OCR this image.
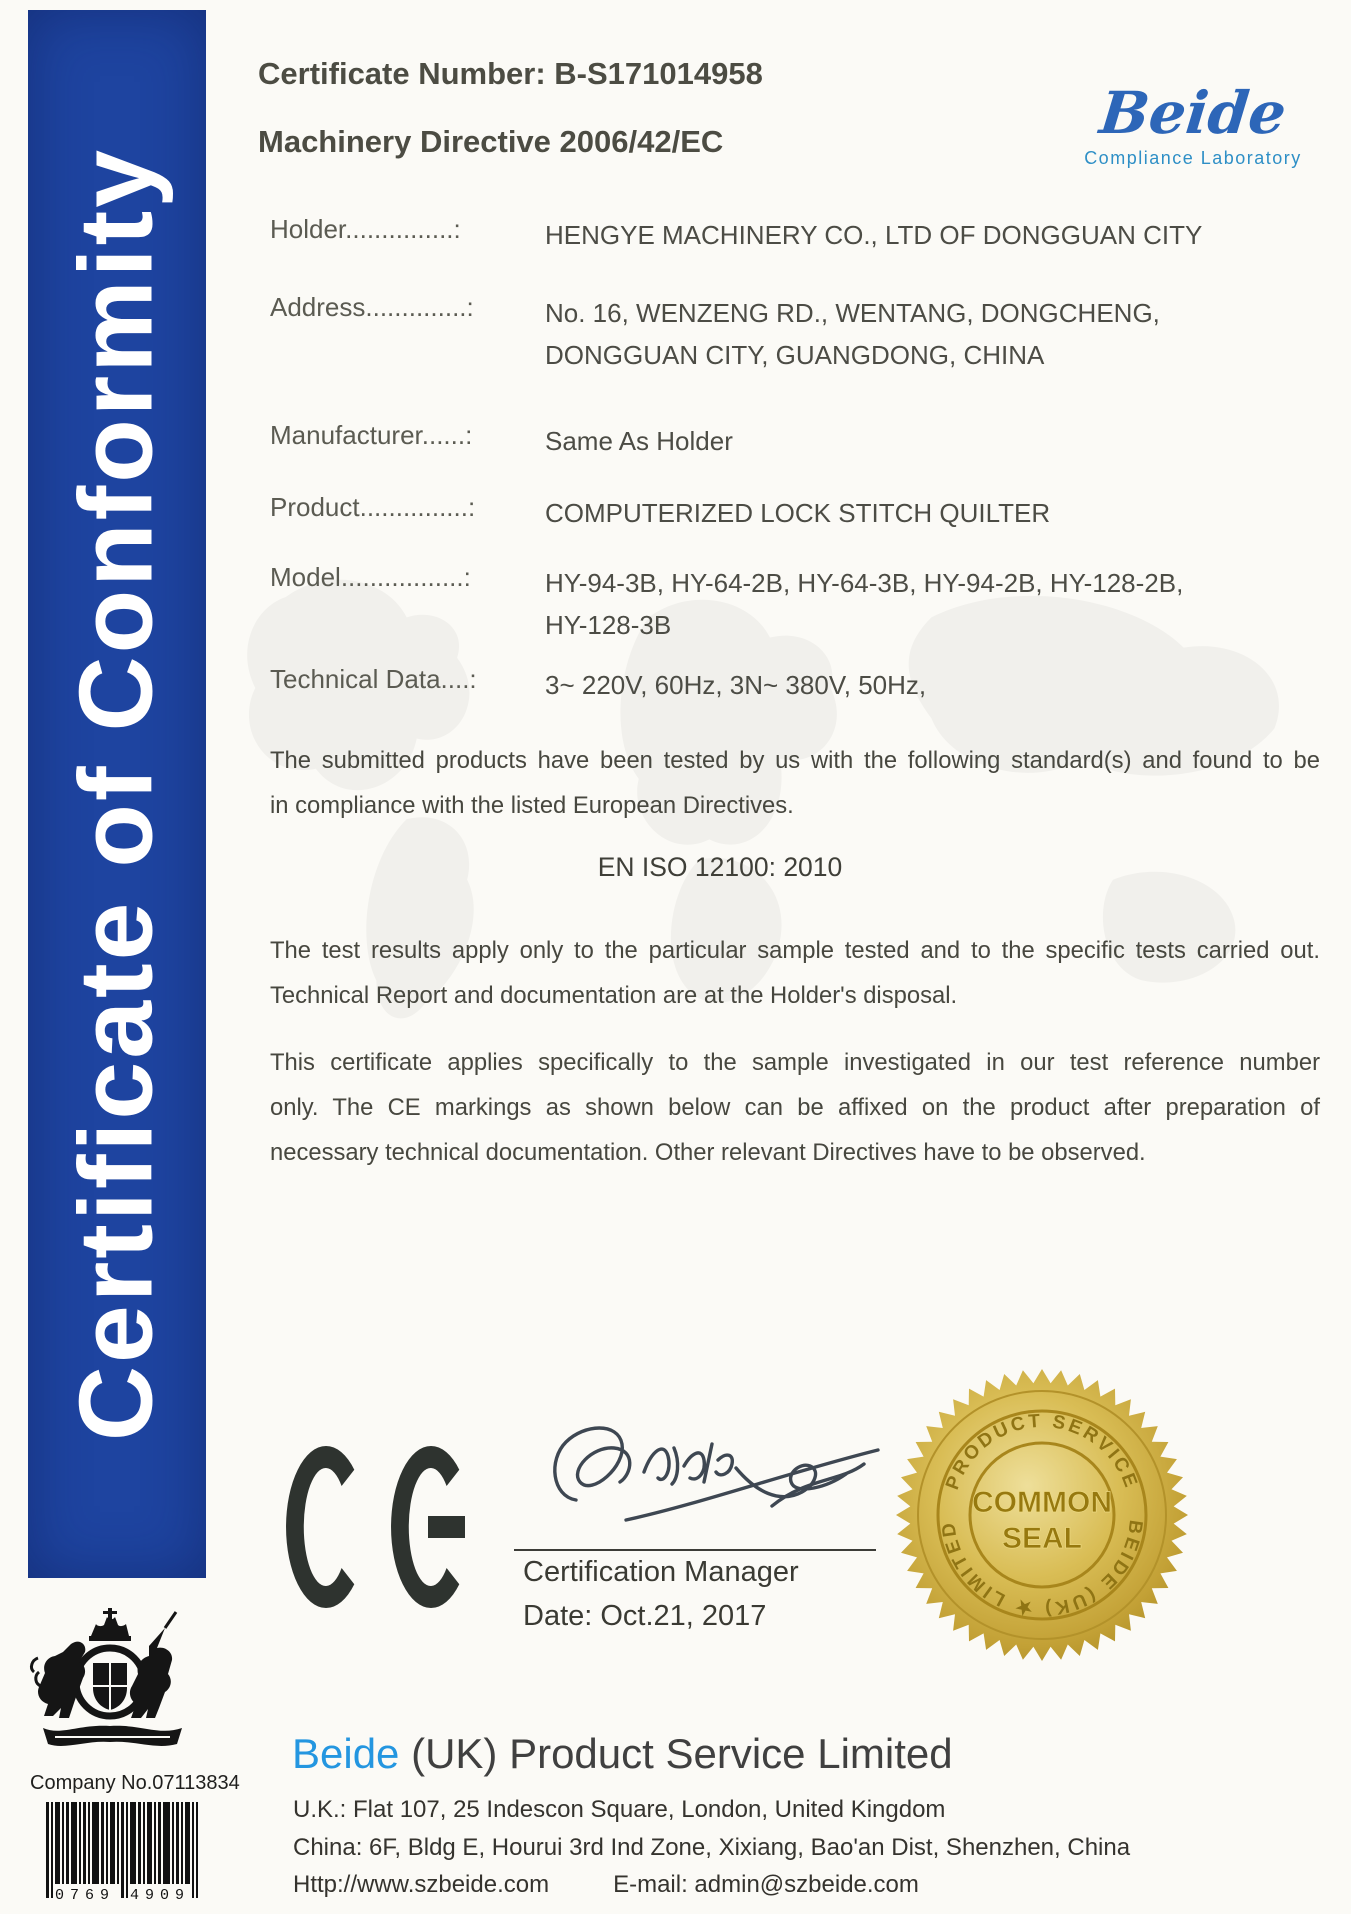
Certificate of Conformity
Certificate Number: B-S171014958
Machinery Directive 2006/42/EC	Beide
Compliance Laboratory
Holder...............:	HENGYE MACHINERY CO., LTD OF DONGGUAN CITY
Address..............:	No. 16, WENZENG RD., WENTANG, DONGCHENG,
DONGGUAN CITY, GUANGDONG, CHINA
Manufacturer......:	Same As Holder
Product...............:	COMPUTERIZED LOCK STITCH QUILTER
Model.................:	HY-94-3B, HY-64-2B, HY-64-3B, HY-94-2B, HY-128-2B,
HY-128-3B
Technical Data....:	3~ 220V, 60Hz, 3N~ 380V, 50Hz,
The submitted products have been tested by us with the following standard(s) and found to be
in compliance with the listed European Directives.
EN ISO 12100: 2010
The test results apply only to the particular sample tested and to the specific tests carried out.
Technical Report and documentation are at the Holder's disposal.
This certificate applies specifically to the sample investigated in our test reference number
only. The CE markings as shown below can be affixed on the product after preparation of
necessary technical documentation. Other relevant Directives have to be observed.
Certification Manager
Date: Oct.21, 2017
PRODUCT SERVICE
BEIDE (UK) ★ LIMITED
COMMON
SEAL
Company No.07113834
0769 4909
Beide (UK) Product Service Limited
U.K.: Flat 107, 25 Indescon Square, London, United Kingdom
China: 6F, Bldg E, Hourui 3rd Ind Zone, Xixiang, Bao'an Dist, Shenzhen, China
Http://www.szbeide.com	E-mail: admin@szbeide.com
